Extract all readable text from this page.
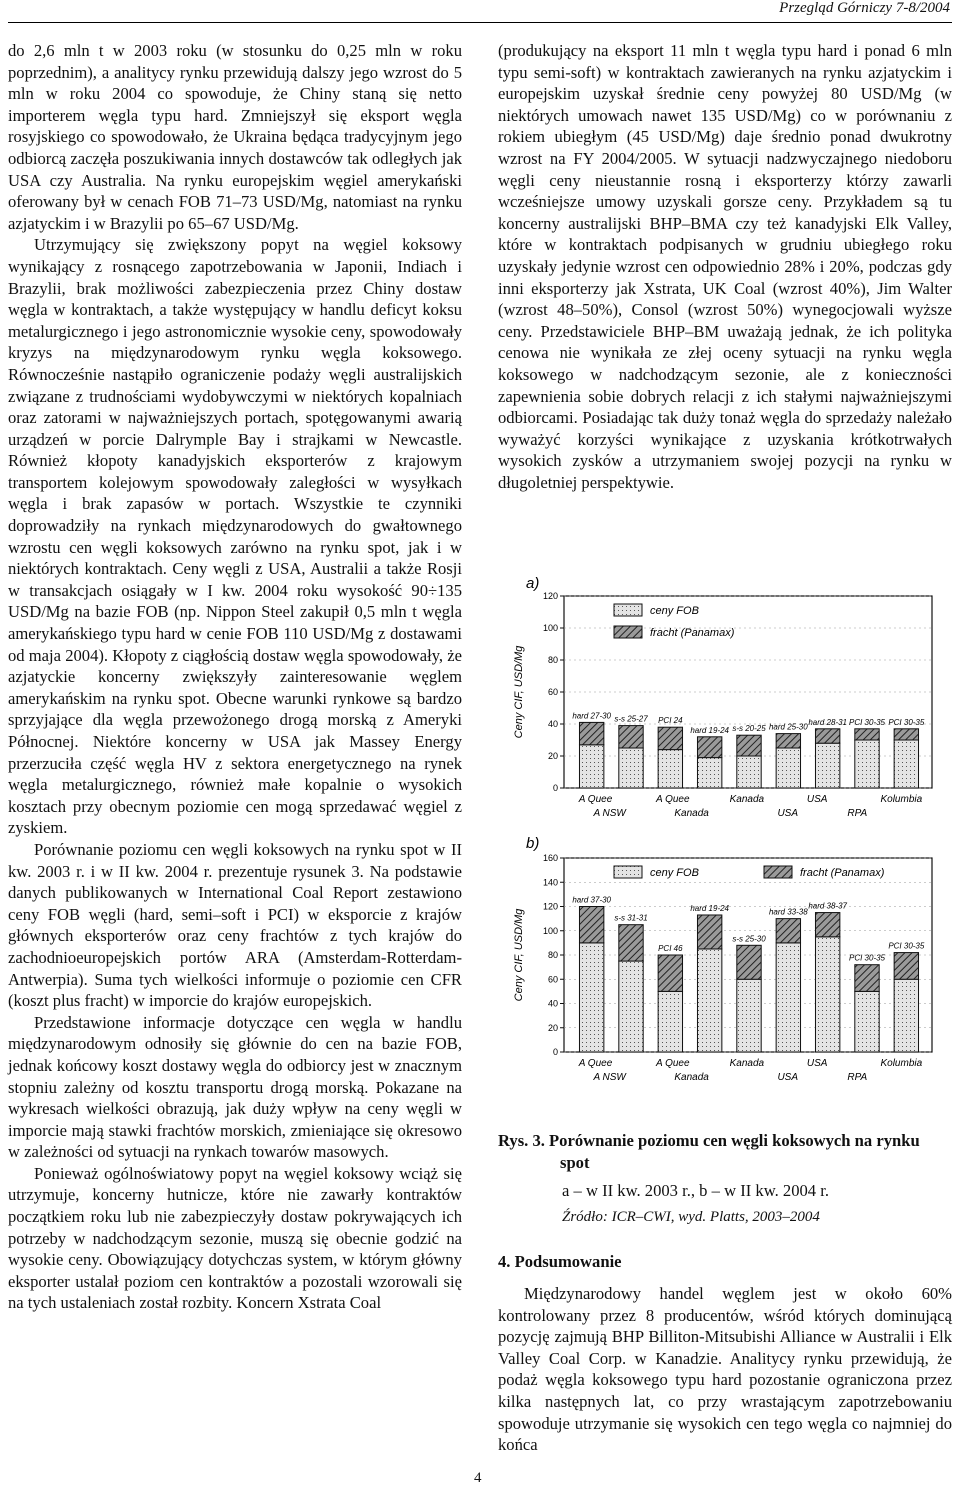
Przegląd Górniczy 7-8/2004

do 2,6 mln t w 2003 roku (w stosunku do 0,25 mln w roku poprzednim), a analitycy rynku przewidują dalszy jego wzrost do 5 mln w roku 2004 co spowoduje, że Chiny staną się netto importerem węgla typu hard. Zmniejszył się eksport węgla rosyjskiego co spowodowało, że Ukraina będąca tradycyjnym jego odbiorcą zaczęła poszukiwania innych dostawców tak odległych jak USA czy Australia. Na rynku europejskim węgiel amerykański oferowany był w cenach FOB 71–73 USD/Mg, natomiast na rynku azjatyckim i w Brazylii po 65–67 USD/Mg.

Utrzymujący się zwiększony popyt na węgiel koksowy wynikający z rosnącego zapotrzebowania w Japonii, Indiach i Brazylii, brak możliwości zabezpieczenia przez Chiny dostaw węgla w kontraktach, a także występujący w handlu deficyt koksu metalurgicznego i jego astronomicznie wysokie ceny, spowodowały kryzys na międzynarodowym rynku węgla koksowego. Równocześnie nastąpiło ograniczenie podaży węgli australijskich związane z trudnościami wydobywczymi w niektórych kopalniach oraz zatorami w najważniejszych portach, spotęgowanymi awarią urządzeń w porcie Dalrymple Bay i strajkami w Newcastle. Również kłopoty kanadyjskich eksporterów z krajowym transportem kolejowym spowodowały zaległości w wysyłkach węgla i brak zapasów w portach. Wszystkie te czynniki doprowadziły na rynkach międzynarodowych do gwałtownego wzrostu cen węgli koksowych zarówno na rynku spot, jak i w niektórych kontraktach. Ceny węgli z USA, Australii a także Rosji w transakcjach osiągały w I kw. 2004 roku wysokość 90÷135 USD/Mg na bazie FOB (np. Nippon Steel zakupił 0,5 mln t węgla amerykańskiego typu hard w cenie FOB 110 USD/Mg z dostawami od maja 2004). Kłopoty z ciągłością dostaw węgla spowodowały, że azjatyckie koncerny zwiększyły zainteresowanie węglem amerykańskim na rynku spot. Obecne warunki rynkowe są bardzo sprzyjające dla węgla przewożonego drogą morską z Ameryki Północnej. Niektóre koncerny w USA jak Massey Energy przerzuciła część węgla HV z sektora energetycznego na rynek węgla metalurgicznego, również małe kopalnie o wysokich kosztach przy obecnym poziomie cen mogą sprzedawać węgiel z zyskiem.

Porównanie poziomu cen węgli koksowych na rynku spot w II kw. 2003 r. i w II kw. 2004 r. prezentuje rysunek 3. Na podstawie danych publikowanych w International Coal Report zestawiono ceny FOB węgli (hard, semi–soft i PCI) w eksporcie z krajów głównych eksporterów oraz ceny frachtów z tych krajów do zachodnioeuropejskich portów ARA (Amsterdam-Rotterdam-Antwerpia). Suma tych wielkości informuje o poziomie cen CFR (koszt plus fracht) w imporcie do krajów europejskich.

Przedstawione informacje dotyczące cen węgla w handlu międzynarodowym odnosiły się głównie do cen na bazie FOB, jednak końcowy koszt dostawy węgla do odbiorcy jest w znacznym stopniu zależny od kosztu transportu drogą morską. Pokazane na wykresach wielkości obrazują, jak duży wpływ na ceny węgli w imporcie mają stawki frachtów morskich, zmieniające się okresowo w zależności od sytuacji na rynkach towarów masowych.

Ponieważ ogólnoświatowy popyt na węgiel koksowy wciąż się utrzymuje, koncerny hutnicze, które nie zawarły kontraktów początkiem roku lub nie zabezpieczyły dostaw pokrywających ich potrzeby w nadchodzącym sezonie, muszą się obecnie godzić na wysokie ceny. Obowiązujący dotychczas system, w którym główny eksporter ustalał poziom cen kontraktów a pozostali wzorowali się na tych ustaleniach został rozbity. Koncern Xstrata Coal

(produkujący na eksport 11 mln t węgla typu hard i ponad 6 mln typu semi-soft) w kontraktach zawieranych na rynku azjatyckim i europejskim uzyskał średnie ceny powyżej 80 USD/Mg (w niektórych umowach nawet 135 USD/Mg) co w porównaniu z rokiem ubiegłym (45 USD/Mg) daje średnio ponad dwukrotny wzrost na FY 2004/2005. W sytuacji nadzwyczajnego niedoboru węgli ceny nieustannie rosną i eksporterzy którzy zawarli wcześniejsze umowy uzyskali gorsze ceny. Przykładem są tu koncerny australijski BHP–BMA czy też kanadyjski Elk Valley, które w kontraktach podpisanych w grudniu ubiegłego roku uzyskały jedynie wzrost cen odpowiednio 28% i 20%, podczas gdy inni eksporterzy jak Xstrata, UK Coal (wzrost 40%), Jim Walter (wzrost 48–50%), Consol (wzrost 50%) wynegocjowali wyższe ceny. Przedstawiciele BHP–BM uważają jednak, że ich polityka cenowa nie wynikała ze złej oceny sytuacji na rynku węgla koksowego w nadchodzącym sezonie, ale z konieczności zapewnienia sobie dobrych relacji z ich stałymi najważniejszymi odbiorcami. Posiadając tak duży tonaż węgla do sprzedaży należało wyważyć korzyści wynikające z uzyskania krótkotrwałych wysokich zysków a utrzymaniem swojej pozycji na rynku w długoletniej perspektywie.

a)
Ceny CIF, USD/Mg
0
20
40
60
80
100
120
ceny FOB
fracht (Panamax)
hard 27-30 s-s 25-27 PCI 24
hard 19-24 s-s 20-25 hard 25-30
hard 28-31 PCI 30-35 PCI 30-35
A Quee	A Quee	Kanada	USA	Kolumbia
A NSW	Kanada	USA	RPA
b)
Ceny CIF, USD/Mg
0
20
40
60
80
100
120
140
160
ceny FOB	fracht (Panamax)
hard 37-30
s-s 31-31
PCI 46
hard 19-24
s-s 25-30
hard 33-38
hard 38-37
PCI 30-35
PCI 30-35
A Quee	A Quee	Kanada	USA	Kolumbia
A NSW	Kanada	USA	RPA
Rys. 3. Porównanie poziomu cen węgli koksowych na rynku spot
a – w II kw. 2003 r., b – w II kw. 2004 r.
Źródło: ICR–CWI, wyd. Platts, 2003–2004
4. Podsumowanie

Międzynarodowy handel węglem jest w około 60% kontrolowany przez 8 producentów, wśród których dominującą pozycję zajmują BHP Billiton-Mitsubishi Alliance w Australii i Elk Valley Coal Corp. w Kanadzie. Analitycy rynku przewidują, że podaż węgla koksowego typu hard pozostanie ograniczona przez kilka następnych lat, co przy wrastającym zapotrzebowaniu spowoduje utrzymanie się wysokich cen tego węgla co najmniej do końca

4
